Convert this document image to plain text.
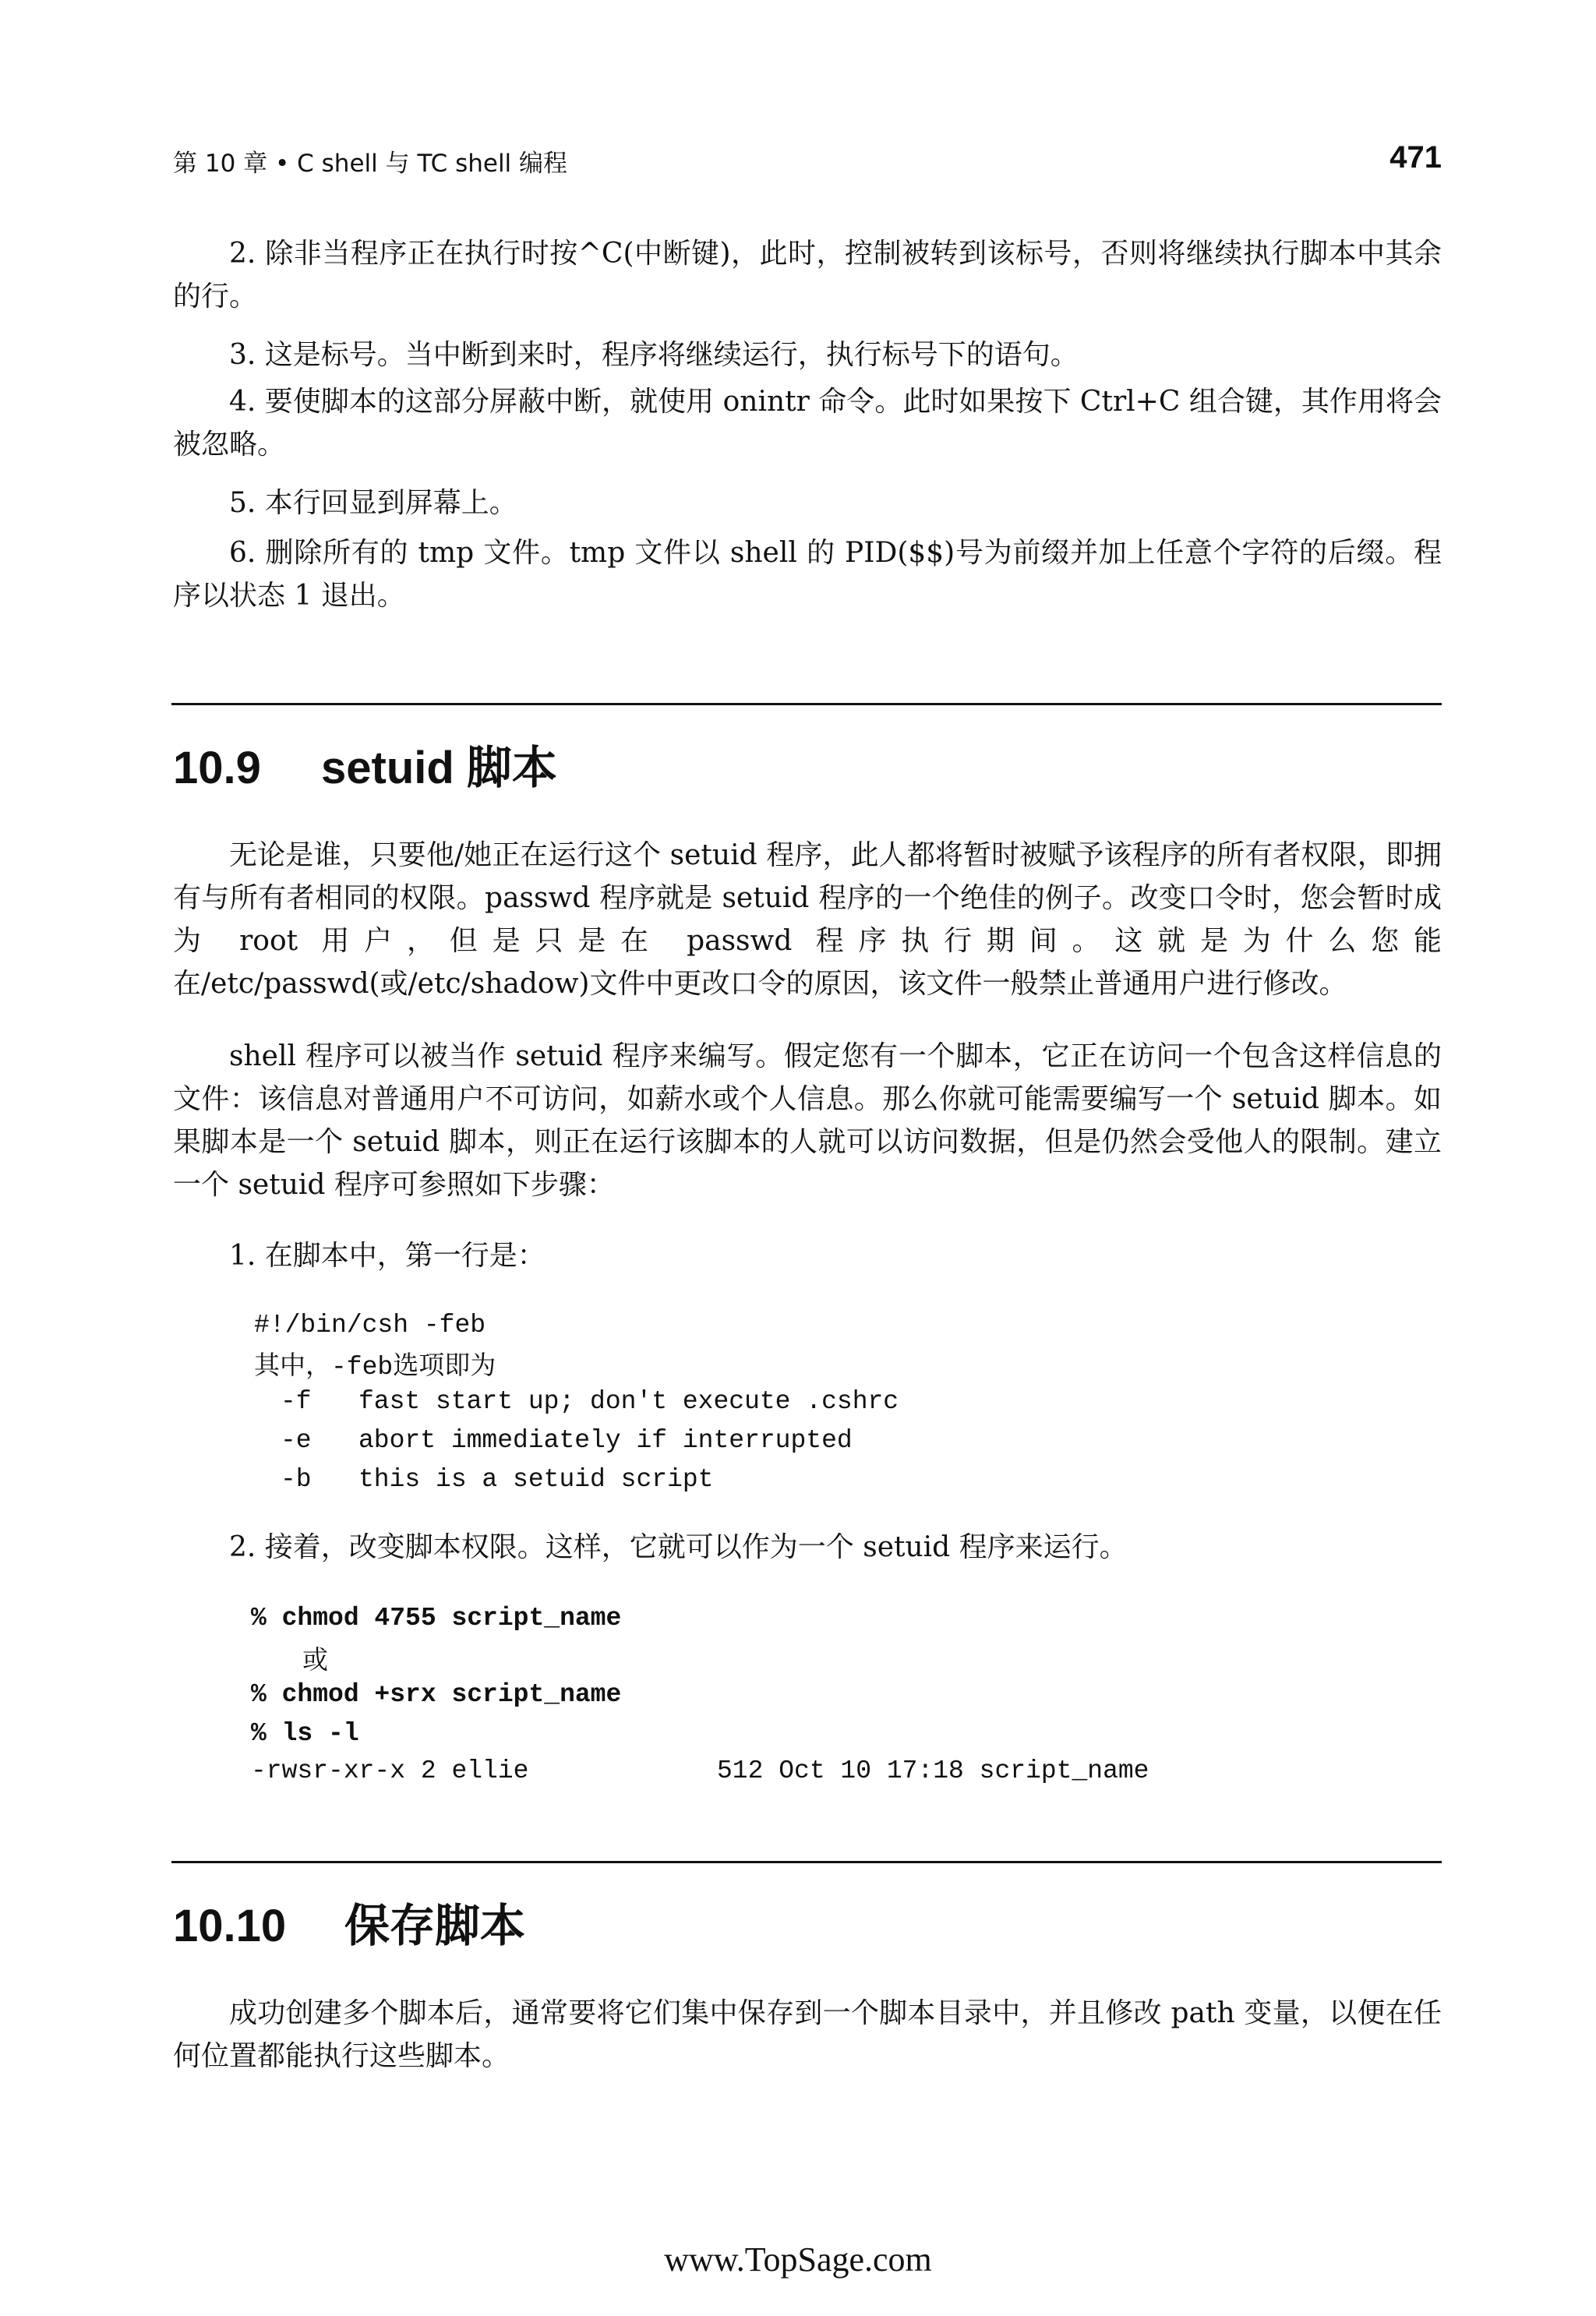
第 10 章 • C shell 与 TC shell 编程	471
2. 除非当程序正在执行时按^C(中断键)，此时，控制被转到该标号，否则将继续执行脚本中其余的行。
3. 这是标号。当中断到来时，程序将继续运行，执行标号下的语句。
4. 要使脚本的这部分屏蔽中断，就使用 onintr 命令。此时如果按下 Ctrl+C 组合键，其作用将会被忽略。
5. 本行回显到屏幕上。
6. 删除所有的 tmp 文件。tmp 文件以 shell 的 PID($$)号为前缀并加上任意个字符的后缀。程序以状态 1 退出。
10.9 setuid 脚本
无论是谁，只要他/她正在运行这个 setuid 程序，此人都将暂时被赋予该程序的所有者权限，即拥有与所有者相同的权限。passwd 程序就是 setuid 程序的一个绝佳的例子。改变口令时，您会暂时成为 root 用户，但是只是在 passwd 程序执行期间。这就是为什么您能在/etc/passwd(或/etc/shadow)文件中更改口令的原因，该文件一般禁止普通用户进行修改。
shell 程序可以被当作 setuid 程序来编写。假定您有一个脚本，它正在访问一个包含这样信息的文件：该信息对普通用户不可访问，如薪水或个人信息。那么你就可能需要编写一个 setuid 脚本。如果脚本是一个 setuid 脚本，则正在运行该脚本的人就可以访问数据，但是仍然会受他人的限制。建立一个 setuid 程序可参照如下步骤：
1. 在脚本中，第一行是：
#!/bin/csh -feb
其中，-feb选项即为
-f fast start up; don't execute .cshrc
-e abort immediately if interrupted
-b this is a setuid script
2. 接着，改变脚本权限。这样，它就可以作为一个 setuid 程序来运行。
% chmod 4755 script_name
或
% chmod +srx script_name
% ls -l
-rwsr-xr-x 2 ellie	512 Oct 10 17:18 script_name
10.10 保存脚本
成功创建多个脚本后，通常要将它们集中保存到一个脚本目录中，并且修改 path 变量，以便在任何位置都能执行这些脚本。
www.TopSage.com
